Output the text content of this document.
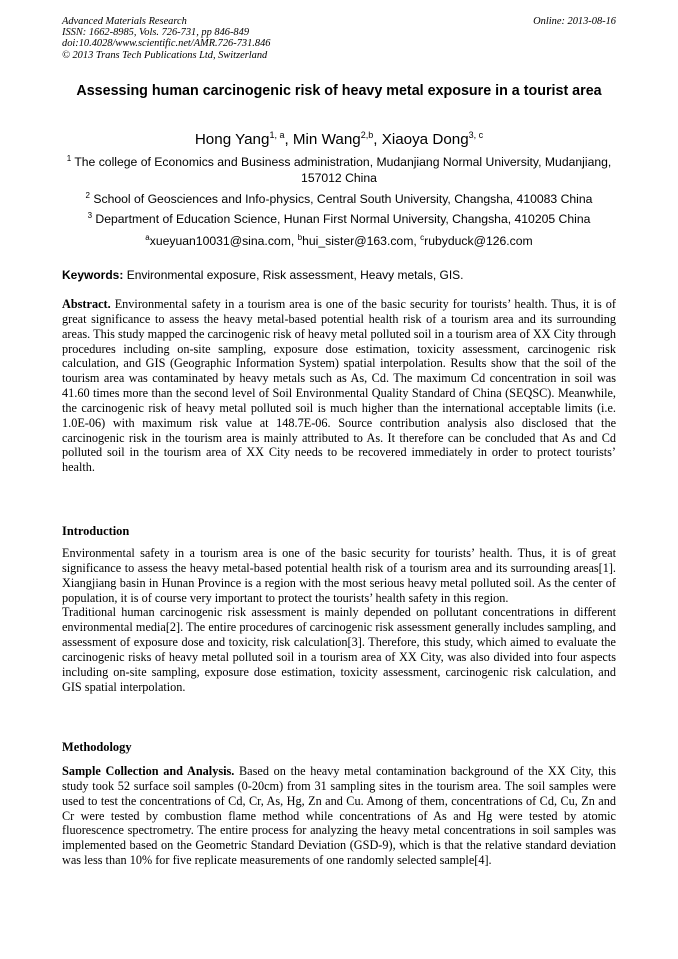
Advanced Materials Research
ISSN: 1662-8985, Vols. 726-731, pp 846-849
doi:10.4028/www.scientific.net/AMR.726-731.846
© 2013 Trans Tech Publications Ltd, Switzerland
Online: 2013-08-16
Assessing human carcinogenic risk of heavy metal exposure in a tourist area
Hong Yang$^{1, a}$, Min Wang$^{2,b}$, Xiaoya Dong$^{3, c}$
$^1$ The college of Economics and Business administration, Mudanjiang Normal University, Mudanjiang, 157012 China
$^2$ School of Geosciences and Info-physics, Central South University, Changsha, 410083 China
$^3$ Department of Education Science, Hunan First Normal University, Changsha, 410205 China
$^a$xueyuan10031@sina.com, $^b$hui_sister@163.com, $^c$rubyduck@126.com
Keywords: Environmental exposure, Risk assessment, Heavy metals, GIS.

Abstract. Environmental safety in a tourism area is one of the basic security for tourists’ health. Thus, it is of great significance to assess the heavy metal-based potential health risk of a tourism area and its surrounding areas. This study mapped the carcinogenic risk of heavy metal polluted soil in a tourism area of XX City through procedures including on-site sampling, exposure dose estimation, toxicity assessment, carcinogenic risk calculation, and GIS (Geographic Information System) spatial interpolation. Results show that the soil of the tourism area was contaminated by heavy metals such as As, Cd. The maximum Cd concentration in soil was 41.60 times more than the second level of Soil Environmental Quality Standard of China (SEQSC). Meanwhile, the carcinogenic risk of heavy metal polluted soil is much higher than the international acceptable limits (i.e. 1.0E-06) with maximum risk value at 148.7E-06. Source contribution analysis also disclosed that the carcinogenic risk in the tourism area is mainly attributed to As. It therefore can be concluded that As and Cd polluted soil in the tourism area of XX City needs to be recovered immediately in order to protect tourists’ health.

Introduction

Environmental safety in a tourism area is one of the basic security for tourists’ health. Thus, it is of great significance to assess the heavy metal-based potential health risk of a tourism area and its surrounding areas[1]. Xiangjiang basin in Hunan Province is a region with the most serious heavy metal polluted soil. As the center of population, it is of course very important to protect the tourists’ health safety in this region.

Traditional human carcinogenic risk assessment is mainly depended on pollutant concentrations in different environmental media[2]. The entire procedures of carcinogenic risk assessment generally includes sampling, and assessment of exposure dose and toxicity, risk calculation[3]. Therefore, this study, which aimed to evaluate the carcinogenic risks of heavy metal polluted soil in a tourism area of XX City, was also divided into four aspects including on-site sampling, exposure dose estimation, toxicity assessment, carcinogenic risk calculation, and GIS spatial interpolation.

Methodology

Sample Collection and Analysis. Based on the heavy metal contamination background of the XX City, this study took 52 surface soil samples (0-20cm) from 31 sampling sites in the tourism area. The soil samples were used to test the concentrations of Cd, Cr, As, Hg, Zn and Cu. Among of them, concentrations of Cd, Cu, Zn and Cr were tested by combustion flame method while concentrations of As and Hg were tested by atomic fluorescence spectrometry. The entire process for analyzing the heavy metal concentrations in soil samples was implemented based on the Geometric Standard Deviation (GSD-9), which is that the relative standard deviation was less than 10% for five replicate measurements of one randomly selected sample[4].
